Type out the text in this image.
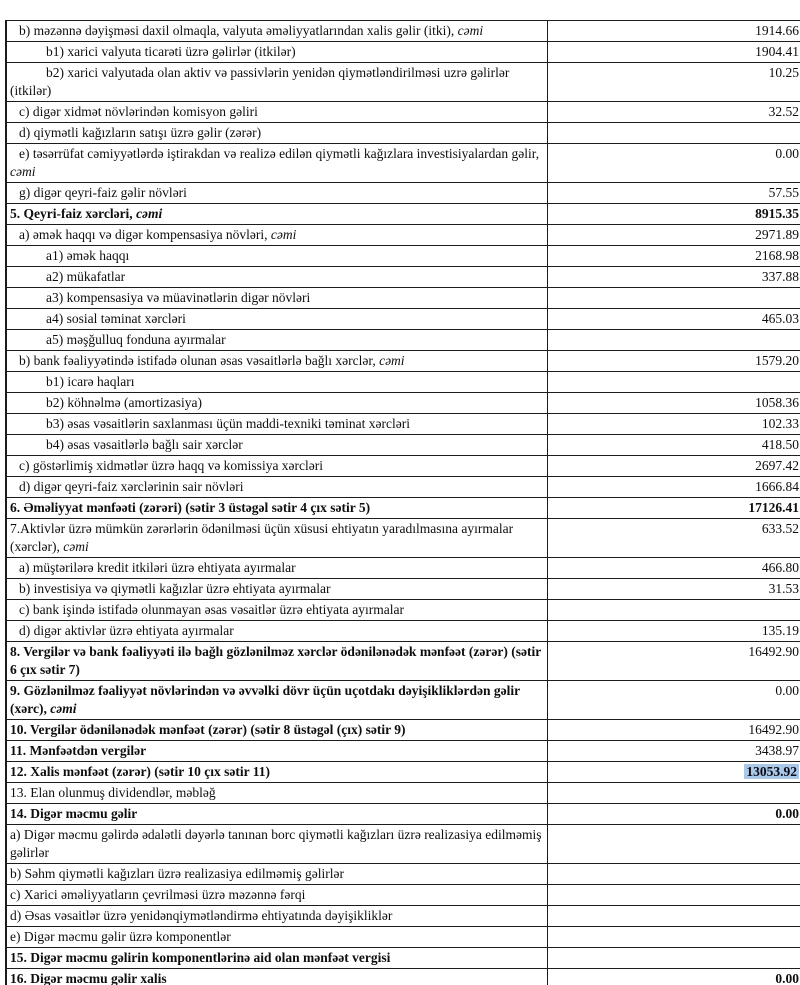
b) məzənnə dəyişməsi daxil olmaqla, valyuta əməliyyatlarından xalis gəlir (itki), cəmi	1914.66
b1) xarici valyuta ticarəti üzrə gəlirlər (itkilər)	1904.41
b2) xarici valyutada olan aktiv və passivlərin yenidən qiymətləndirilməsi uzrə gəlirlər (itkilər)	10.25
c) digər xidmət növlərindən komisyon gəliri	32.52
d) qiymətli kağızların satışı üzrə gəlir (zərər)	
e) təsərrüfat cəmiyyətlərdə iştirakdan və realizə edilən qiymətli kağızlara investisiyalardan gəlir, cəmi	0.00
g) digər qeyri-faiz gəlir növləri	57.55
5. Qeyri-faiz xərcləri, cəmi	8915.35
a) əmək haqqı və digər kompensasiya növləri, cəmi	2971.89
a1) əmək haqqı	2168.98
a2) mükafatlar	337.88
a3) kompensasiya və müavinətlərin digər növləri	
a4) sosial təminat xərcləri	465.03
a5) məşğulluq fonduna ayırmalar	
b) bank fəaliyyətində istifadə olunan əsas vəsaitlərlə bağlı xərclər, cəmi	1579.20
b1) icarə haqları	
b2) köhnəlmə (amortizasiya)	1058.36
b3) əsas vəsaitlərin saxlanması üçün maddi-texniki təminat xərcləri	102.33
b4) əsas vəsaitlərlə bağlı sair xərclər	418.50
c) göstərlimiş xidmətlər üzrə haqq və komissiya xərcləri	2697.42
d) digər qeyri-faiz xərclərinin sair növləri	1666.84
6. Əməliyyat mənfəəti (zərəri) (sətir 3 üstəgəl sətir 4 çıx sətir 5)	17126.41
7.Aktivlər üzrə mümkün zərərlərin ödənilməsi üçün xüsusi ehtiyatın yaradılmasına ayırmalar (xərclər), cəmi	633.52
a) müştərilərə kredit itkiləri üzrə ehtiyata ayırmalar	466.80
b) investisiya və qiymətli kağızlar üzrə ehtiyata ayırmalar	31.53
c) bank işində istifadə olunmayan əsas vəsaitlər üzrə ehtiyata ayırmalar	
d) digər aktivlər üzrə ehtiyata ayırmalar	135.19
8. Vergilər və bank fəaliyyəti ilə bağlı gözlənilməz xərclər ödənilənədək mənfəət (zərər) (sətir 6 çıx sətir 7)	16492.90
9. Gözlənilməz fəaliyyət növlərindən və əvvəlki dövr üçün uçotdakı dəyişikliklərdən gəlir (xərc), cəmi	0.00
10. Vergilər ödənilənədək mənfəət (zərər) (sətir 8 üstəgəl (çıx) sətir 9)	16492.90
11. Mənfəətdən vergilər	3438.97
12. Xalis mənfəət (zərər) (sətir 10 çıx sətir 11)	13053.92
13. Elan olunmuş dividendlər, məbləğ	
14. Digər məcmu gəlir	0.00
a) Digər məcmu gəlirdə ədalətli dəyərlə tanınan borc qiymətli kağızları üzrə realizasiya edilməmiş gəlirlər	
b) Səhm qiymətli kağızları üzrə realizasiya edilməmiş gəlirlər	
c) Xarici əməliyyatların çevrilməsi üzrə məzənnə fərqi	
d) Əsas vəsaitlər üzrə yenidənqiymətləndirmə ehtiyatında dəyişikliklər	
e) Digər məcmu gəlir üzrə komponentlər	
15. Digər məcmu gəlirin komponentlərinə aid olan mənfəət vergisi	
16. Digər məcmu gəlir xalis	0.00
